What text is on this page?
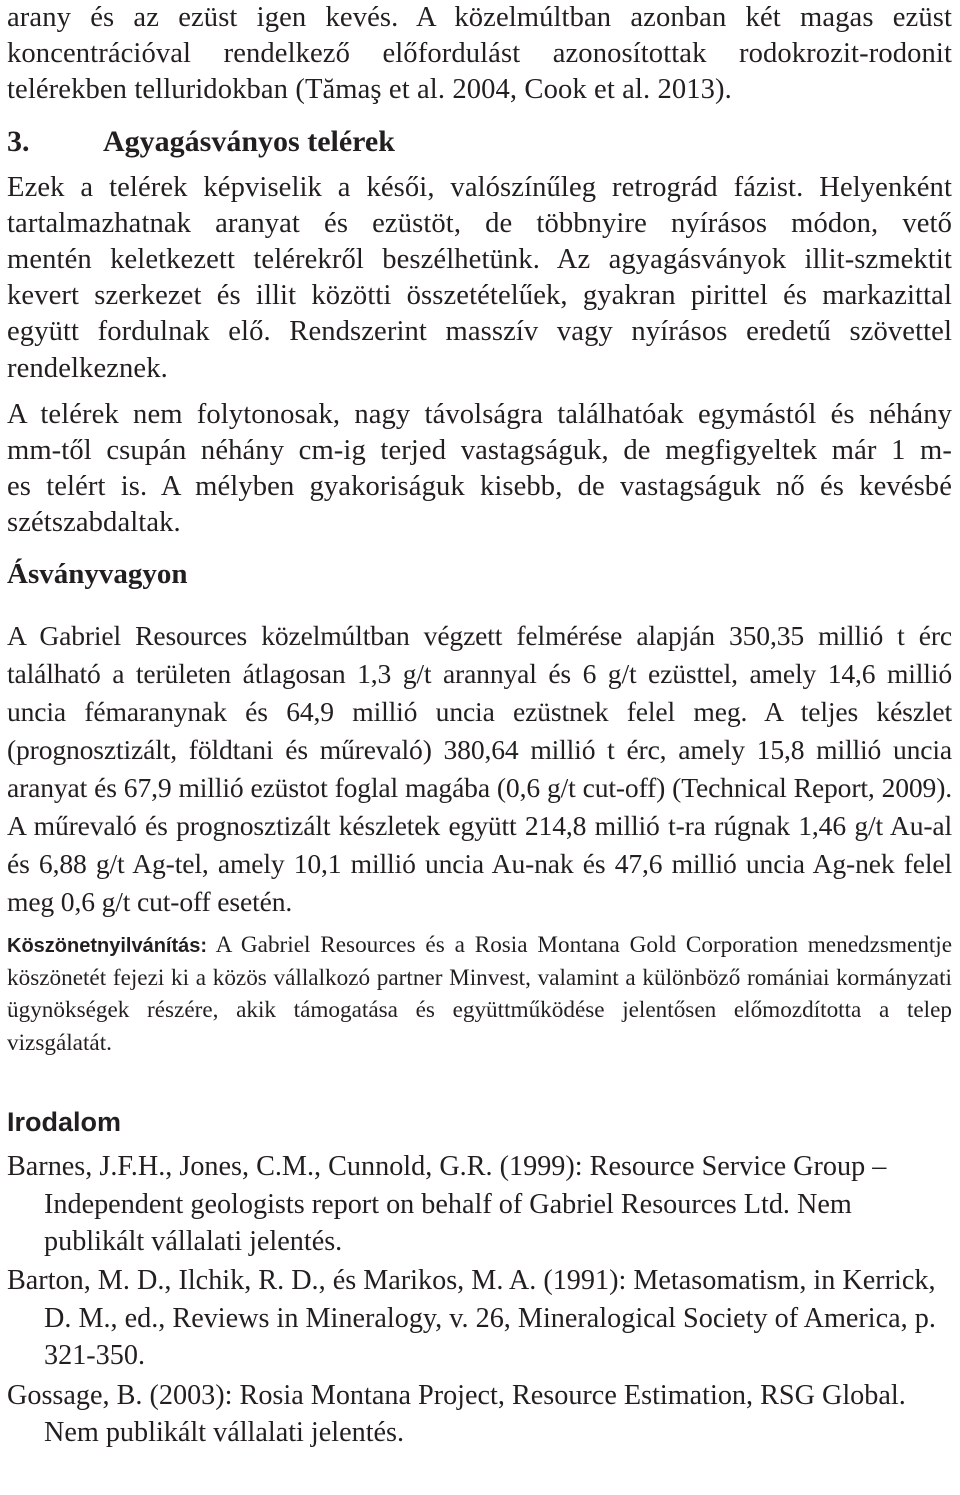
arany és az ezüst igen kevés. A közelmúltban azonban két magas ezüst koncentrációval rendelkező előfordulást azonosítottak rodokrozit-rodonit telérekben telluridokban (Tămaş et al. 2004, Cook et al. 2013).

3. Agyagásványos telérek

Ezek a telérek képviselik a késői, valószínűleg retrográd fázist. Helyenként tartalmazhatnak aranyat és ezüstöt, de többnyire nyírásos módon, vető mentén keletkezett telérekről beszélhetünk. Az agyagásványok illit-szmektit kevert szerkezet és illit közötti összetételűek, gyakran pirittel és markazittal együtt fordulnak elő. Rendszerint masszív vagy nyírásos eredetű szövettel rendelkeznek.

A telérek nem folytonosak, nagy távolságra találhatóak egymástól és néhány mm-től csupán néhány cm-ig terjed vastagságuk, de megfigyeltek már 1 m-es telért is. A mélyben gyakoriságuk kisebb, de vastagságuk nő és kevésbé szétszabdaltak.

Ásványvagyon

A Gabriel Resources közelmúltban végzett felmérése alapján 350,35 millió t érc található a területen átlagosan 1,3 g/t arannyal és 6 g/t ezüsttel, amely 14,6 millió uncia fémaranynak és 64,9 millió uncia ezüstnek felel meg. A teljes készlet (prognosztizált, földtani és műrevaló) 380,64 millió t érc, amely 15,8 millió uncia aranyat és 67,9 millió ezüstot foglal magába (0,6 g/t cut-off) (Technical Report, 2009). A műrevaló és prognosztizált készletek együtt 214,8 millió t-ra rúgnak 1,46 g/t Au-al és 6,88 g/t Ag-tel, amely 10,1 millió uncia Au-nak és 47,6 millió uncia Ag-nek felel meg 0,6 g/t cut-off esetén.

Köszönetnyilvánítás: A Gabriel Resources és a Rosia Montana Gold Corporation menedzsmentje köszönetét fejezi ki a közös vállalkozó partner Minvest, valamint a különböző romániai kormányzati ügynökségek részére, akik támogatása és együttműködése jelentősen előmozdította a telep vizsgálatát.

Irodalom
Barnes, J.F.H., Jones, C.M., Cunnold, G.R. (1999): Resource Service Group – Independent geologists report on behalf of Gabriel Resources Ltd. Nem publikált vállalati jelentés.
Barton, M. D., Ilchik, R. D., és Marikos, M. A. (1991): Metasomatism, in Kerrick, D. M., ed., Reviews in Mineralogy, v. 26, Mineralogical Society of America, p. 321-350.
Gossage, B. (2003): Rosia Montana Project, Resource Estimation, RSG Global. Nem publikált vállalati jelentés.
